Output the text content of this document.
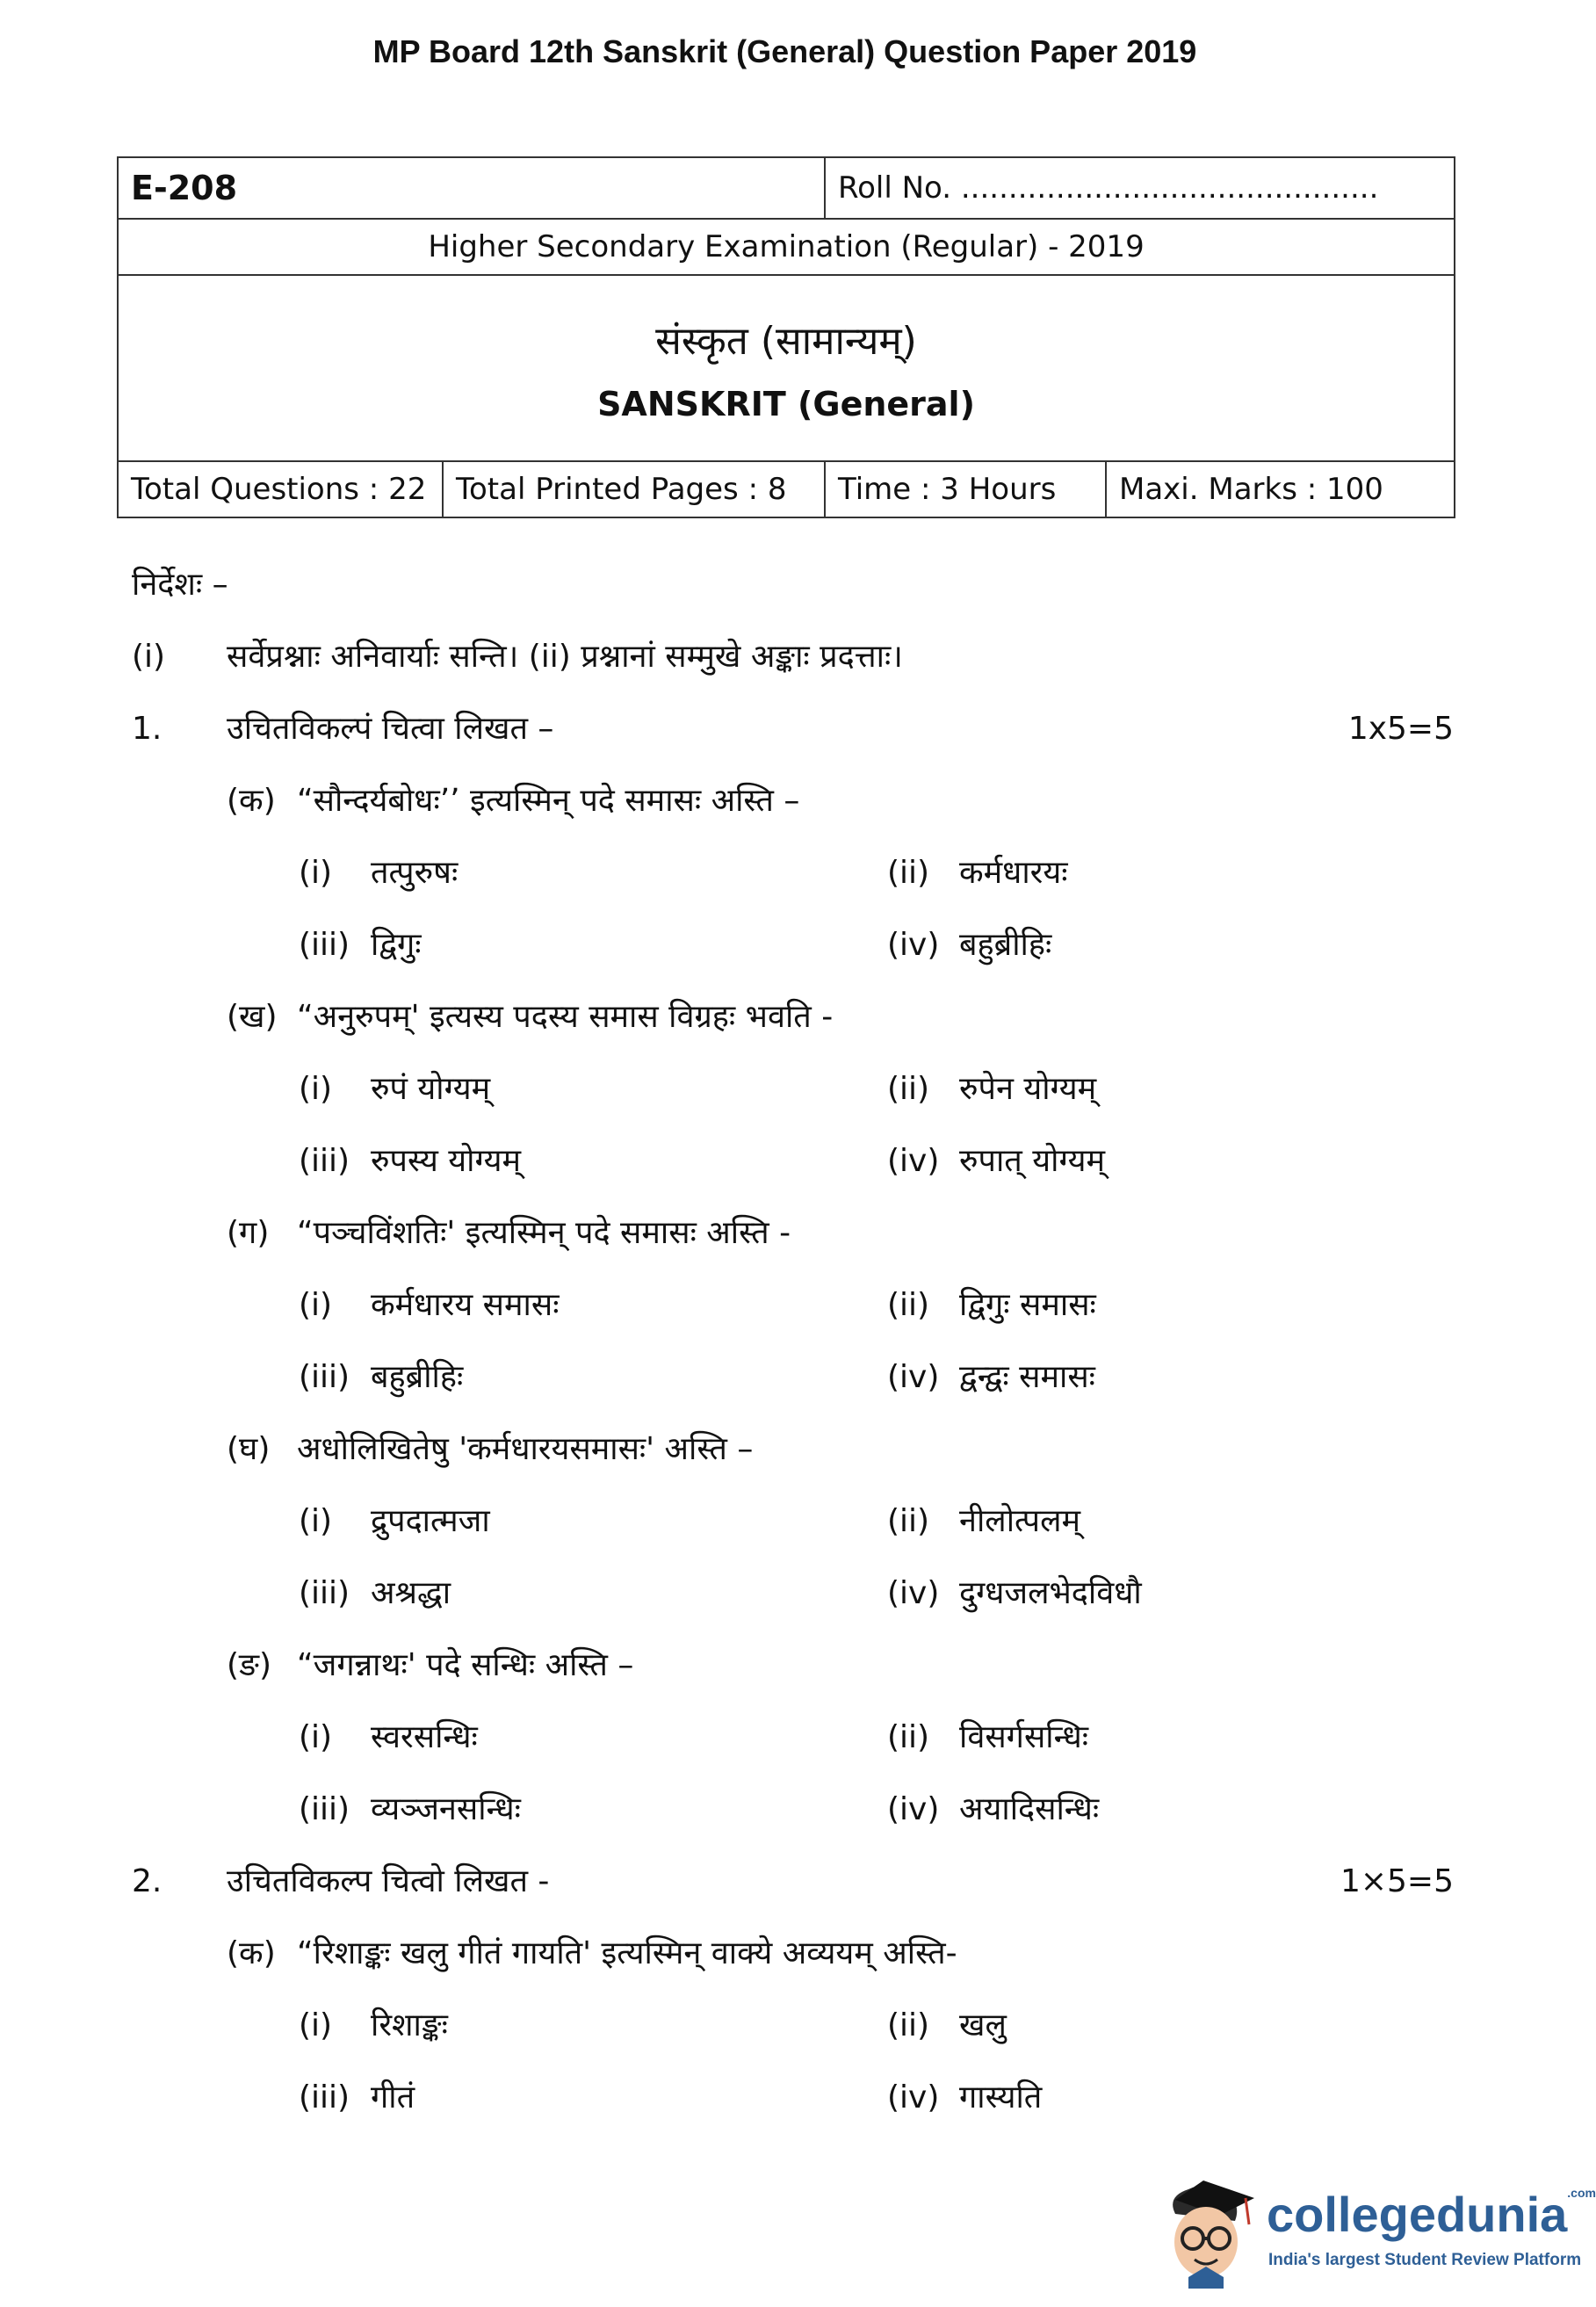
MP Board 12th Sanskrit (General) Question Paper 2019
E-208		Roll No. ............................................	
Higher Secondary Examination (Regular) - 2019			

संस्कृत (सामान्यम्)
SANSKRIT (General)			

Total Questions : 22	Total Printed Pages : 8	Time : 3 Hours	Maxi. Marks : 100
निर्देशः –
(i) सर्वेप्रश्नाः अनिवार्याः सन्ति। (ii) प्रश्नानां सम्मुखे अङ्काः प्रदत्ताः।
1. उचितविकल्पं चित्वा लिखत –	1x5=5
(क) “सौन्दर्यबोधः’’ इत्यस्मिन् पदे समासः अस्ति –
(i) तत्पुरुषः	(ii) कर्मधारयः
(iii) द्विगुः	(iv) बहुब्रीहिः
(ख) “अनुरुपम्' इत्यस्य पदस्य समास विग्रहः भवति -
(i) रुपं योग्यम्	(ii) रुपेन योग्यम्
(iii) रुपस्य योग्यम्	(iv) रुपात् योग्यम्
(ग) “पञ्चविंशतिः' इत्यस्मिन् पदे समासः अस्ति -
(i) कर्मधारय समासः	(ii) द्विगुः समासः
(iii) बहुब्रीहिः	(iv) द्वन्द्वः समासः
(घ) अधोलिखितेषु 'कर्मधारयसमासः' अस्ति –
(i) द्रुपदात्मजा	(ii) नीलोत्पलम्
(iii) अश्रद्धा	(iv) दुग्धजलभेदविधौ
(ङ) “जगन्नाथः' पदे सन्धिः अस्ति –
(i) स्वरसन्धिः	(ii) विसर्गसन्धिः
(iii) व्यञ्जनसन्धिः	(iv) अयादिसन्धिः
2. उचितविकल्प चित्वो लिखत -	1×5=5
(क) “रिशाङ्कः खलु गीतं गायति' इत्यस्मिन् वाक्ये अव्ययम् अस्ति-
(i) रिशाङ्कः	(ii) खलु
(iii) गीतं	(iv) गास्यति
collegedunia$^{.com}$
India's largest Student Review Platform
